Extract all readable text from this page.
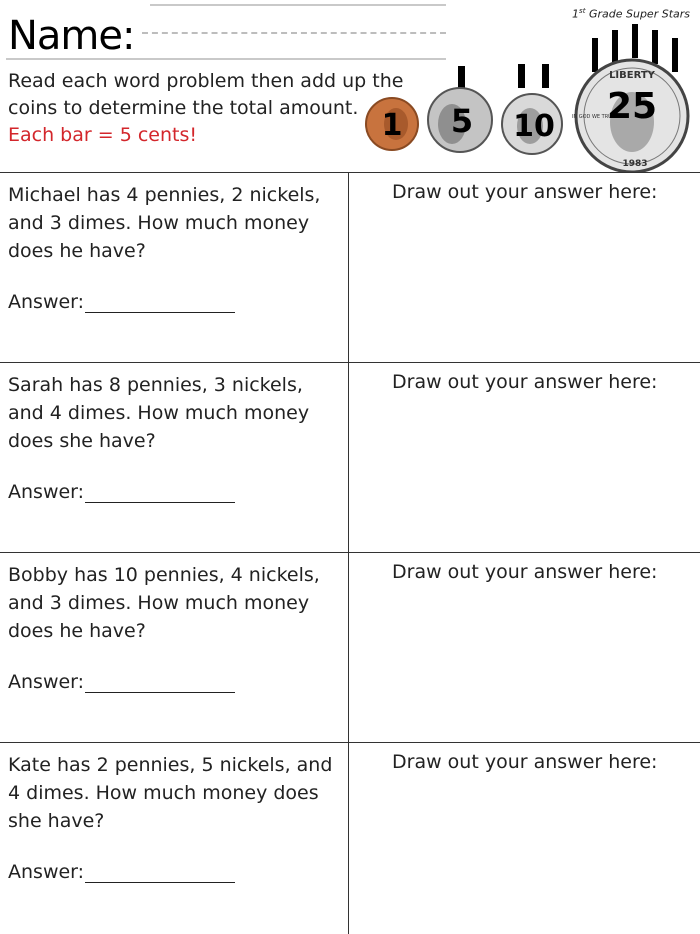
Name:	1st Grade Super Stars
Read each word problem then add up the
coins to determine the total amount.
Each bar = 5 cents!	1 5 10
LIBERTY
IN GOD WE TRUST
1983
25
Michael has 4 pennies, 2 nickels, and 3 dimes. How much money does he have?
Answer:
Draw out your answer here:
Sarah has 8 pennies, 3 nickels, and 4 dimes. How much money does she have?
Answer:
Draw out your answer here:
Bobby has 10 pennies, 4 nickels, and 3 dimes. How much money does he have?
Answer:
Draw out your answer here:
Kate has 2 pennies, 5 nickels, and 4 dimes. How much money does she have?
Answer:
Draw out your answer here:
